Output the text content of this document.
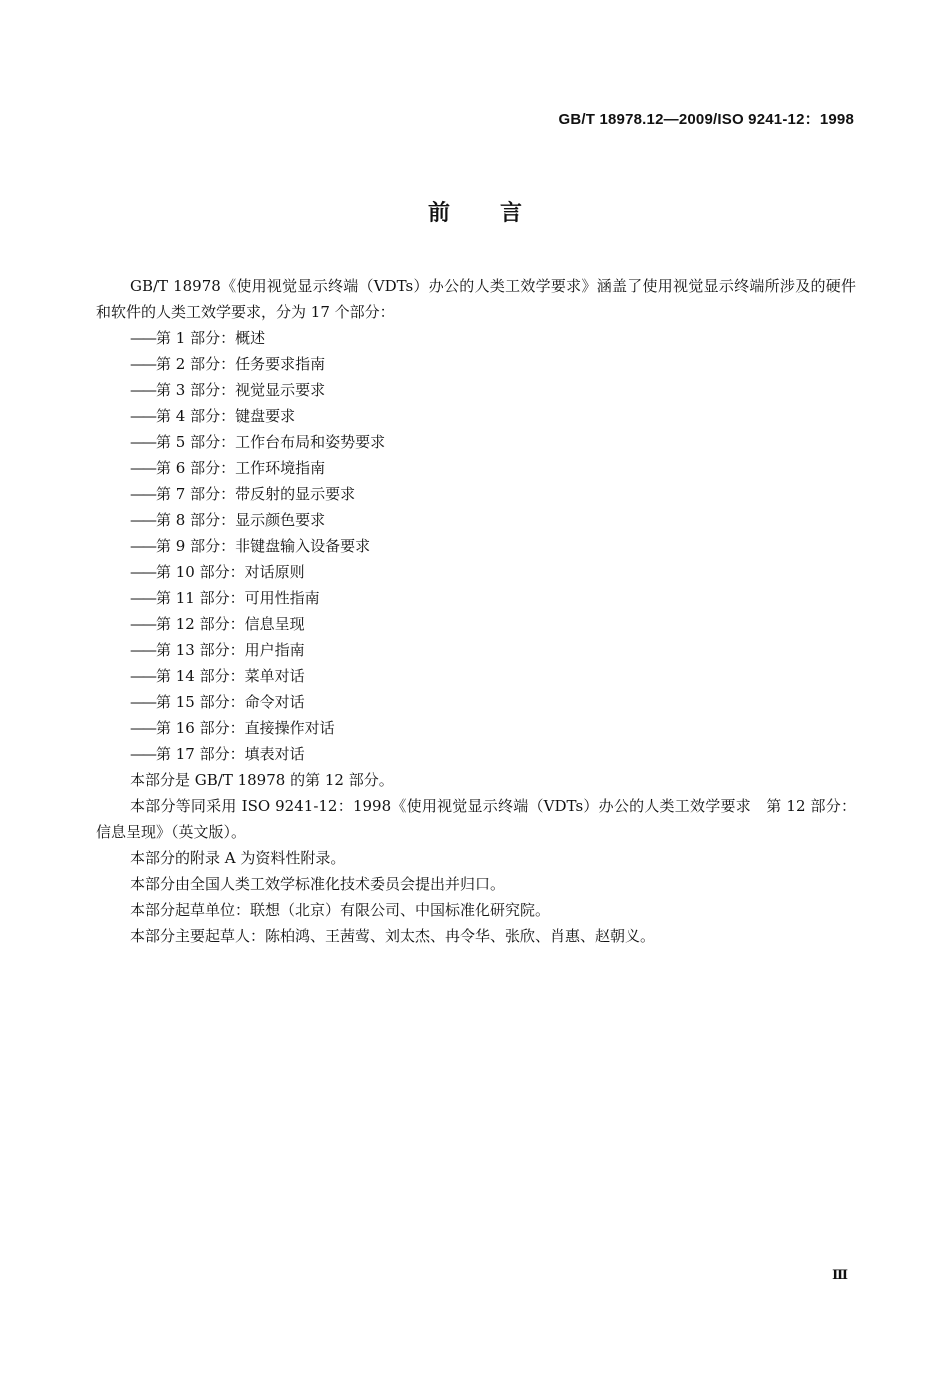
GB/T 18978.12—2009/ISO 9241-12：1998
前 言

GB/T 18978《使用视觉显示终端（VDTs）办公的人类工效学要求》涵盖了使用视觉显示终端所涉及的硬件和软件的人类工效学要求，分为 17 个部分：

—— 第 1 部分：概述

—— 第 2 部分：任务要求指南

—— 第 3 部分：视觉显示要求

—— 第 4 部分：键盘要求

—— 第 5 部分：工作台布局和姿势要求

—— 第 6 部分：工作环境指南

—— 第 7 部分：带反射的显示要求

—— 第 8 部分：显示颜色要求

—— 第 9 部分：非键盘输入设备要求

—— 第 10 部分：对话原则

—— 第 11 部分：可用性指南

—— 第 12 部分：信息呈现

—— 第 13 部分：用户指南

—— 第 14 部分：菜单对话

—— 第 15 部分：命令对话

—— 第 16 部分：直接操作对话

—— 第 17 部分：填表对话

本部分是 GB/T 18978 的第 12 部分。

本部分等同采用 ISO 9241-12：1998《使用视觉显示终端（VDTs）办公的人类工效学要求　第 12 部分：信息呈现》（英文版）。

本部分的附录 A 为资料性附录。

本部分由全国人类工效学标准化技术委员会提出并归口。

本部分起草单位：联想（北京）有限公司、中国标准化研究院。

本部分主要起草人：陈柏鸿、王茜莺、刘太杰、冉令华、张欣、肖惠、赵朝义。

Ⅲ
